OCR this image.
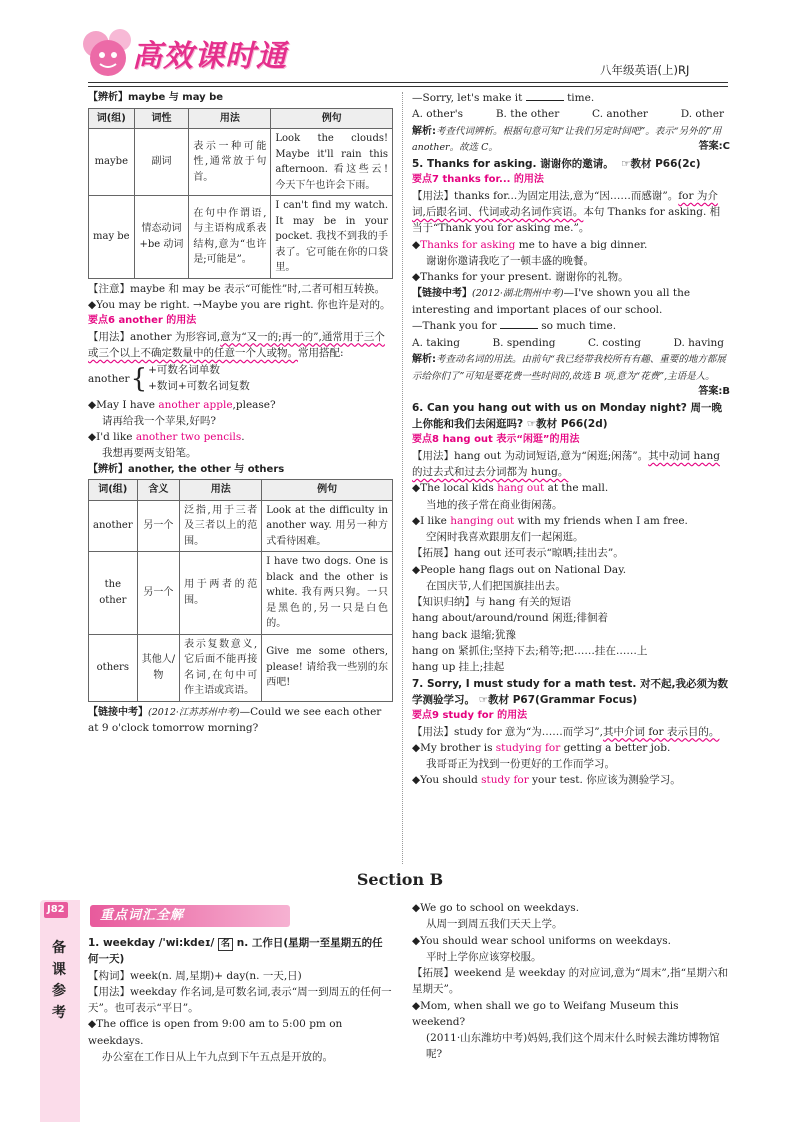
高效课时通	八年级英语(上)RJ

【辨析】maybe 与 may be

词(组)	词性	用法	例句
maybe	副词	表示一种可能性,通常放于句首。	Look the clouds! Maybe it'll rain this afternoon. 看这些云! 今天下午也许会下雨。
may be	情态动词+be 动词	在句中作谓语,与主语构成系表结构,意为“也许是;可能是”。	I can't find my watch. It may be in your pocket. 我找不到我的手表了。它可能在你的口袋里。

【注意】maybe 和 may be 表示“可能性”时,二者可相互转换。

◆You may be right. →Maybe you are right. 你也许是对的。

要点6 another 的用法

【用法】another 为形容词,意为“又一的;再一的”,通常用于三个或三个以上不确定数量中的任意一个人或物。常用搭配:

another { +可数名词单数
+数词+可数名词复数

◆May I have another apple,please?

请再给我一个苹果,好吗?

◆I'd like another two pencils.

我想再要两支铅笔。

【辨析】another, the other 与 others

词(组)	含义	用法	例句
another	另一个	泛指,用于三者及三者以上的范围。	Look at the difficulty in another way. 用另一种方式看待困难。
the other	另一个	用于两者的范围。	I have two dogs. One is black and the other is white. 我有两只狗。一只是黑色的,另一只是白色的。
others	其他人/物	表示复数意义,它后面不能再接名词,在句中可作主语或宾语。	Give me some others, please! 请给我一些别的东西吧!

【链接中考】(2012·江苏苏州中考)—Could we see each other at 9 o'clock tomorrow morning?

—Sorry, let's make it	time.

A. other's	B. the other	C. another	D. other

解析:考查代词辨析。根据句意可知“让我们另定时间吧”。表示“另外的”用another。故选 C。	答案:C

5. Thanks for asking. 谢谢你的邀请。 ☞教材 P66(2c)

要点7 thanks for... 的用法

【用法】thanks for...为固定用法,意为“因……而感谢”。for 为介词,后跟名词、代词或动名词作宾语。本句 Thanks for asking. 相当于“Thank you for asking me.”。

◆Thanks for asking me to have a big dinner.

谢谢你邀请我吃了一顿丰盛的晚餐。

◆Thanks for your present. 谢谢你的礼物。

【链接中考】(2012·湖北荆州中考)—I've shown you all the interesting and important places of our school.

—Thank you for	so much time.

A. taking	B. spending	C. costing	D. having

解析:考查动名词的用法。由前句“我已经带我校所有有趣、重要的地方都展示给你们了”可知是要花费一些时间的,故选 B 项,意为“花费”,主语是人。
答案:B

6. Can you hang out with us on Monday night? 周一晚上你能和我们去闲逛吗? ☞教材 P66(2d)

要点8 hang out 表示“闲逛”的用法

【用法】hang out 为动词短语,意为“闲逛;闲荡”。其中动词 hang 的过去式和过去分词都为 hung。

◆The local kids hang out at the mall.

当地的孩子常在商业街闲荡。

◆I like hanging out with my friends when I am free.

空闲时我喜欢跟朋友们一起闲逛。

【拓展】hang out 还可表示“晾晒;挂出去”。

◆People hang flags out on National Day.

在国庆节,人们把国旗挂出去。

【知识归纳】与 hang 有关的短语

hang about/around/round 闲逛;徘徊着

hang back 退缩;犹豫

hang on 紧抓住;坚持下去;稍等;把……挂在……上

hang up 挂上;挂起

7. Sorry, I must study for a math test. 对不起,我必须为数学测验学习。 ☞教材 P67(Grammar Focus)

要点9 study for 的用法

【用法】study for 意为“为……而学习”,其中介词 for 表示目的。

◆My brother is studying for getting a better job.

我哥哥正为找到一份更好的工作而学习。

◆You should study for your test. 你应该为测验学习。

Section B
J82
备课参考
重点词汇全解

1. weekday /'wi:kdeɪ/ 名 n. 工作日(星期一至星期五的任何一天)

【构词】week(n. 周,星期)+ day(n. 一天,日)

【用法】weekday 作名词,是可数名词,表示“周一到周五的任何一天”。也可表示“平日”。

◆The office is open from 9:00 am to 5:00 pm on weekdays.

办公室在工作日从上午九点到下午五点是开放的。

◆We go to school on weekdays.

从周一到周五我们天天上学。

◆You should wear school uniforms on weekdays.

平时上学你应该穿校服。

【拓展】weekend 是 weekday 的对应词,意为“周末”,指“星期六和星期天”。

◆Mom, when shall we go to Weifang Museum this weekend?

(2011·山东潍坊中考)妈妈,我们这个周末什么时候去潍坊博物馆呢?
